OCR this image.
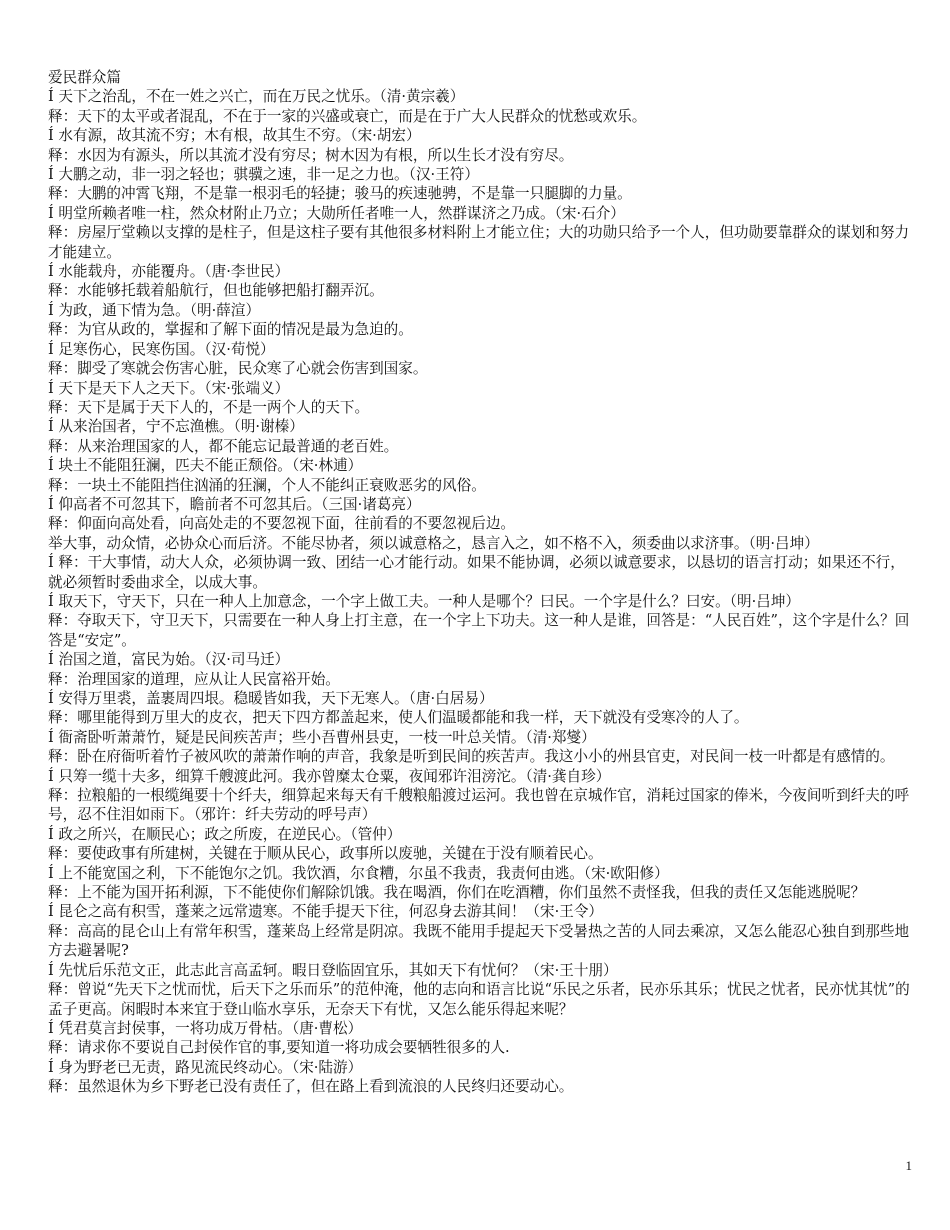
爱民群众篇
Í 天下之治乱，不在一姓之兴亡，而在万民之忧乐。（清·黄宗羲）
释：天下的太平或者混乱，不在于一家的兴盛或衰亡，而是在于广大人民群众的忧愁或欢乐。
Í 水有源，故其流不穷；木有根，故其生不穷。（宋·胡宏）
释：水因为有源头，所以其流才没有穷尽；树木因为有根，所以生长才没有穷尽。
Í 大鹏之动，非一羽之轻也；骐骥之速，非一足之力也。（汉·王符）
释：大鹏的冲霄飞翔，不是靠一根羽毛的轻捷；骏马的疾速驰骋，不是靠一只腿脚的力量。
Í 明堂所赖者唯一柱，然众材附止乃立；大勋所任者唯一人，然群谋济之乃成。（宋·石介）
释：房屋厅堂赖以支撑的是柱子，但是这柱子要有其他很多材料附上才能立住；大的功勋只给予一个人，但功勋要靠群众的谋划和努力才能建立。
Í 水能载舟，亦能覆舟。（唐·李世民）
释：水能够托载着船航行，但也能够把船打翻弄沉。
Í 为政，通下情为急。（明·薛渲）
释：为官从政的，掌握和了解下面的情况是最为急迫的。
Í 足寒伤心，民寒伤国。（汉·荀悦）
释：脚受了寒就会伤害心脏，民众寒了心就会伤害到国家。
Í 天下是天下人之天下。（宋·张端义）
释：天下是属于天下人的，不是一两个人的天下。
Í 从来治国者，宁不忘渔樵。（明·谢榛）
释：从来治理国家的人，都不能忘记最普通的老百姓。
Í 块土不能阻狂澜，匹夫不能正颓俗。（宋·林逋）
释：一块土不能阻挡住汹涌的狂澜，个人不能纠正衰败恶劣的风俗。
Í 仰高者不可忽其下，瞻前者不可忽其后。（三国·诸葛亮）
释：仰面向高处看，向高处走的不要忽视下面，往前看的不要忽视后边。
举大事，动众情，必协众心而后济。不能尽协者，须以诚意格之，恳言入之，如不格不入，须委曲以求济事。（明·吕坤）
Í 释：干大事情，动大人众，必须协调一致、团结一心才能行动。如果不能协调，必须以诚意要求，以恳切的语言打动；如果还不行，就必须暂时委曲求全，以成大事。
Í 取天下，守天下，只在一种人上加意念，一个字上做工夫。一种人是哪个？曰民。一个字是什么？曰安。（明·吕坤）
释：夺取天下，守卫天下，只需要在一种人身上打主意，在一个字上下功夫。这一种人是谁，回答是：“人民百姓”，这个字是什么？回答是“安定”。
Í 治国之道，富民为始。（汉·司马迁）
释：治理国家的道理，应从让人民富裕开始。
Í 安得万里裘，盖裹周四垠。稳暖皆如我，天下无寒人。（唐·白居易）
释：哪里能得到万里大的皮衣，把天下四方都盖起来，使人们温暖都能和我一样，天下就没有受寒冷的人了。
Í 衙斋卧听萧萧竹，疑是民间疾苦声；些小吾曹州县吏，一枝一叶总关情。（清·郑燮）
释：卧在府衙听着竹子被风吹的萧萧作响的声音，我象是听到民间的疾苦声。我这小小的州县官吏，对民间一枝一叶都是有感情的。
Í 只筹一缆十夫多，细算千艘渡此河。我亦曾糜太仓粟，夜闻邪许泪滂沱。（清·龚自珍）
释：拉粮船的一根缆绳要十个纤夫，细算起来每天有千艘粮船渡过运河。我也曾在京城作官，消耗过国家的俸米，今夜间听到纤夫的呼号，忍不住泪如雨下。（邪许：纤夫劳动的呼号声）
Í 政之所兴，在顺民心；政之所废，在逆民心。（管仲）
释：要使政事有所建树，关键在于顺从民心，政事所以废驰，关键在于没有顺着民心。
Í 上不能宽国之利，下不能饱尔之饥。我饮酒，尔食糟，尔虽不我责，我责何由逃。（宋·欧阳修）
释：上不能为国开拓利源，下不能使你们解除饥饿。我在喝酒，你们在吃酒糟，你们虽然不责怪我，但我的责任又怎能逃脱呢？
Í 昆仑之高有积雪，蓬莱之远常遗寒。不能手提天下往，何忍身去游其间！（宋·王令）
释：高高的昆仑山上有常年积雪，蓬莱岛上经常是阴凉。我既不能用手提起天下受暑热之苦的人同去乘凉，又怎么能忍心独自到那些地方去避暑呢?
Í 先忧后乐范文正，此志此言高孟轲。暇日登临固宜乐，其如天下有忧何？（宋·王十朋）
释：曾说“先天下之忧而忧，后天下之乐而乐”的范仲淹，他的志向和语言比说“乐民之乐者，民亦乐其乐；忧民之忧者，民亦忧其忧”的孟子更高。闲暇时本来宜于登山临水享乐，无奈天下有忧，又怎么能乐得起来呢？
Í 凭君莫言封侯事，一将功成万骨枯。（唐·曹松）
释：请求你不要说自己封侯作官的事,要知道一将功成会要牺牲很多的人.
Í 身为野老已无责，路见流民终动心。（宋·陆游）
释：虽然退休为乡下野老已没有责任了，但在路上看到流浪的人民终归还要动心。
1
